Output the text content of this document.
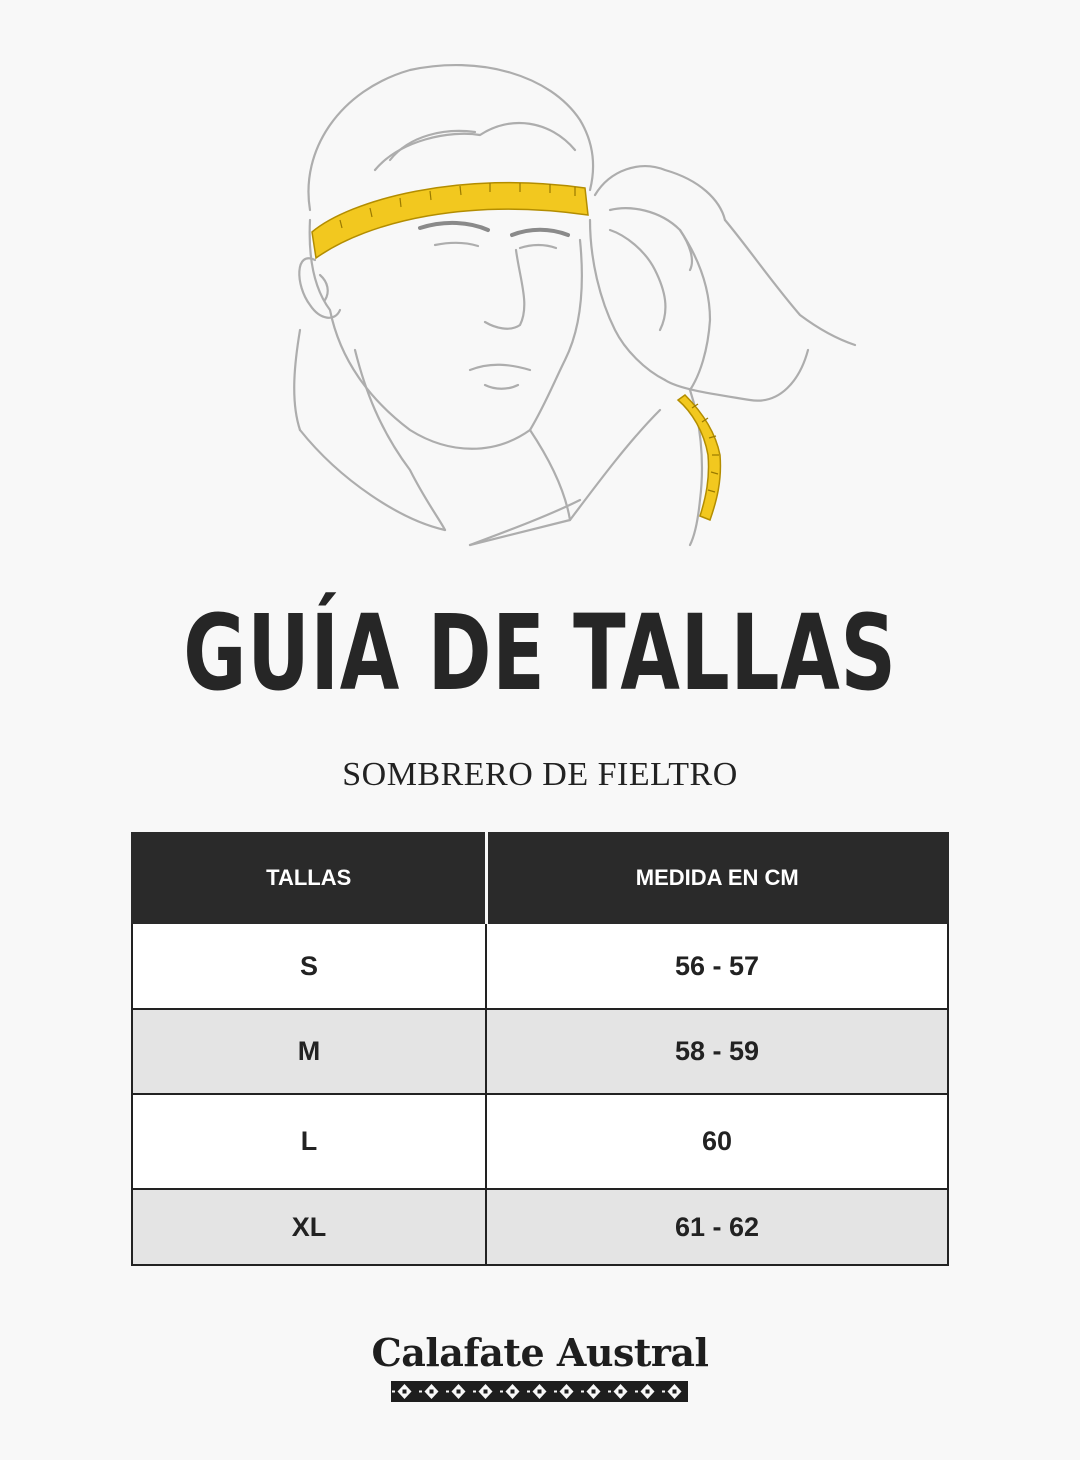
GUÍA DE TALLAS

SOMBRERO DE FIELTRO

TALLAS	MEDIDA EN CM
S	56 - 57
M	58 - 59
L	60
XL	61 - 62
Calafate Austral
